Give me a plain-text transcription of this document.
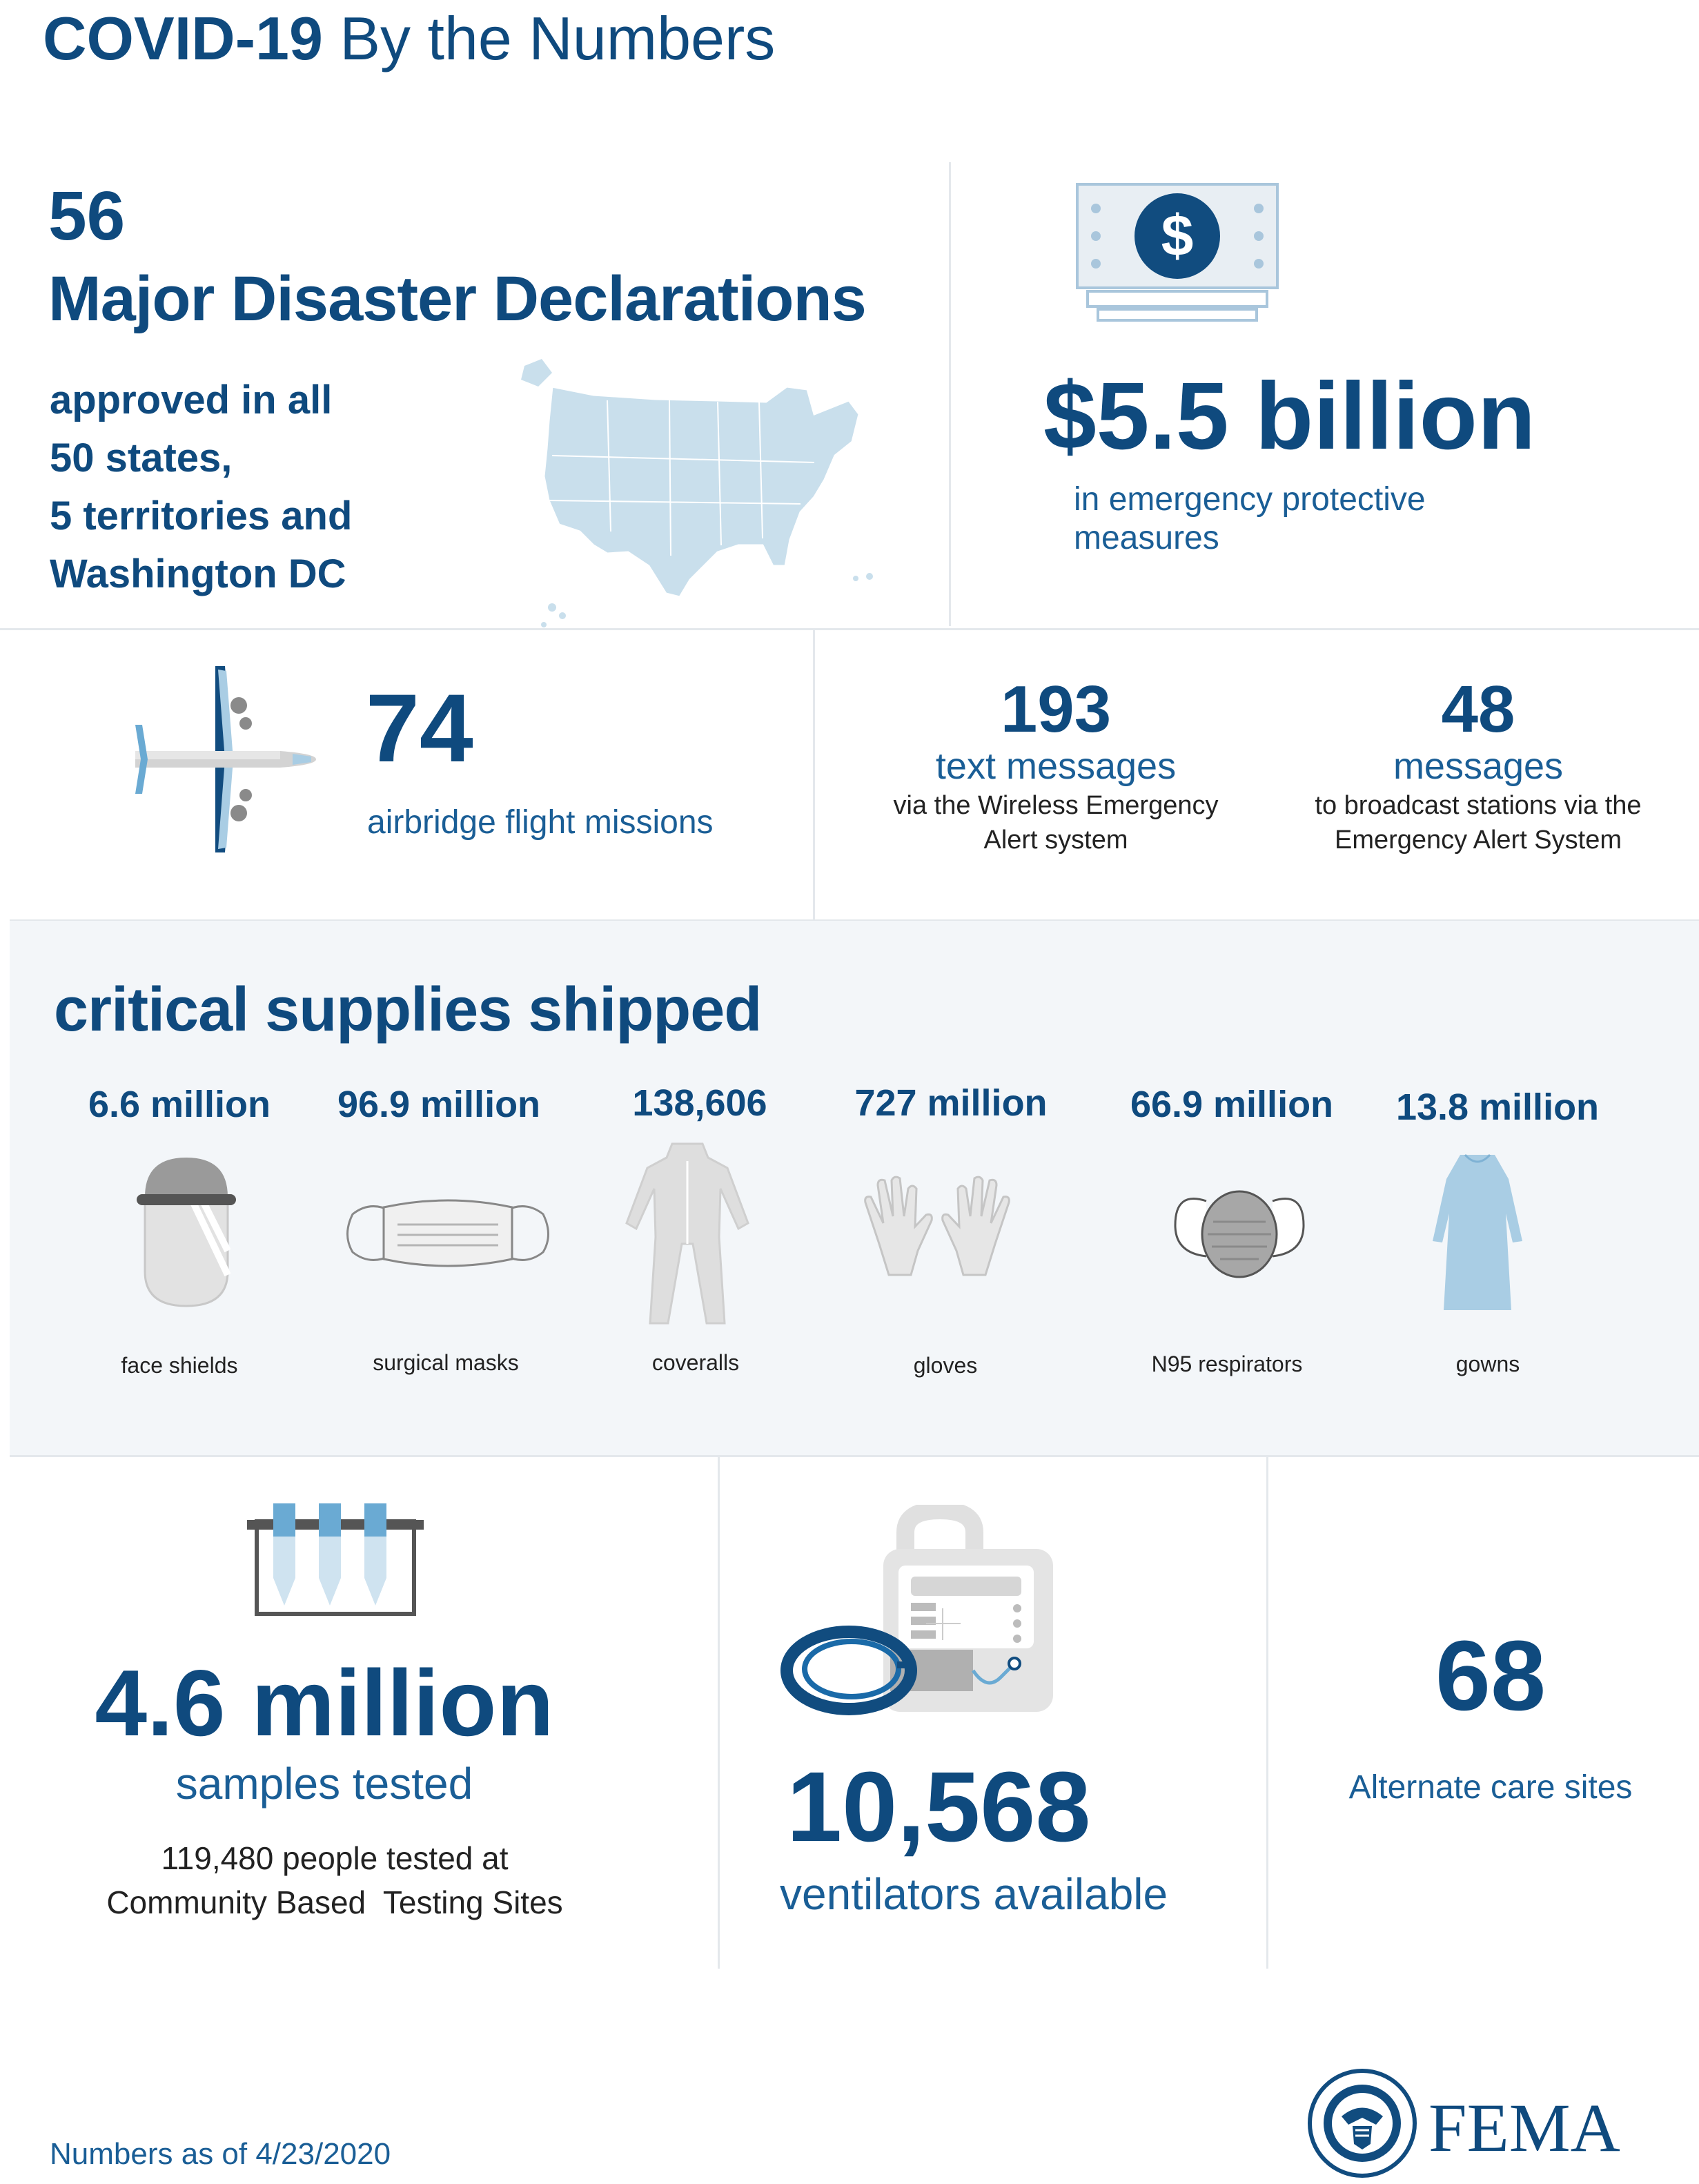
COVID-19 By the Numbers
56
Major Disaster Declarations
approved in all
50 states,
5 territories and
Washington DC
$
$5.5 billion
in emergency protective
measures
74
airbridge flight missions
193
text messages
via the Wireless Emergency
Alert system
48
messages
to broadcast stations via the
Emergency Alert System
critical supplies shipped
6.6 million	96.9 million	138,606	727 million	66.9 million	13.8 million
face shields	surgical masks	coveralls	gloves	N95 respirators	gowns
4.6 million
samples tested
119,480 people tested at
Community Based  Testing Sites
10,568
ventilators available
68
Alternate care sites
Numbers as of 4/23/2020	FEMA
